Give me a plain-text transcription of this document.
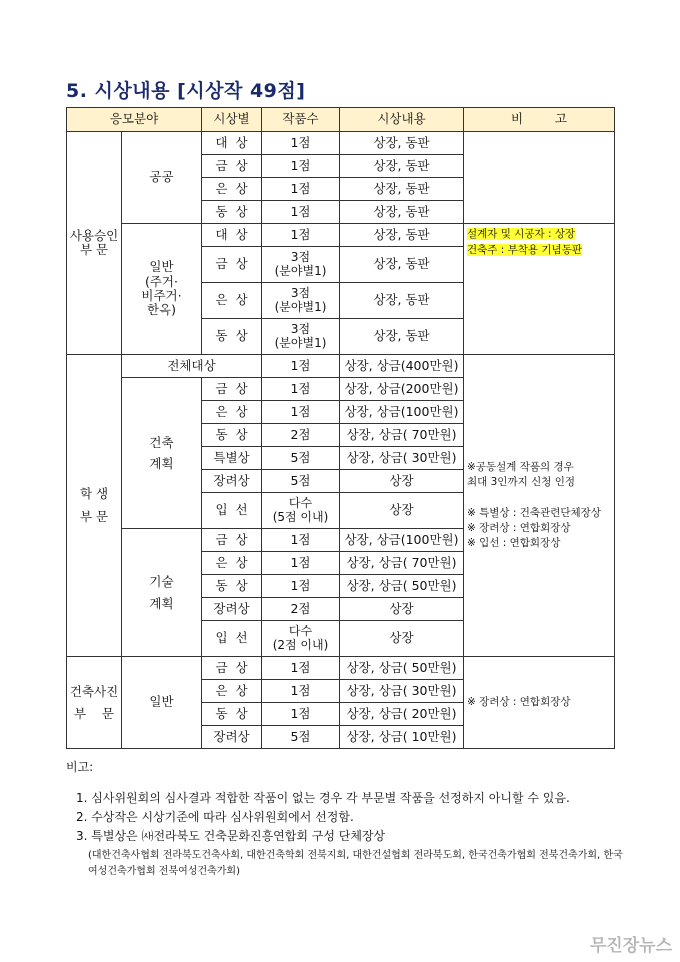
5. 시상내용 [시상작 49점]
응모분야		시상별	작품수	시상내용	비        고
사용승인
부 문	공공	대  상	1점	상장, 동판	
		금  상	1점	상장, 동판	
		은  상	1점	상장, 동판	
		동  상	1점	상장, 동판	
	일반
(주거·
비주거·
한옥)	대  상	1점	상장, 동판	설계자 및 시공자 : 상장
건축주 : 부착용 기념동판
		금  상	3점
(분야별1)	상장, 동판	
		은  상	3점
(분야별1)	상장, 동판	
		동  상	3점
(분야별1)	상장, 동판	
학 생
부 문	전체대상		1점	상장, 상금(400만원)	※공동설계 작품의 경우
최대 3인까지 신청 인정

※ 특별상 : 건축관련단체장상
※ 장려상 : 연합회장상
※ 입선 : 연합회장상
	건축
계획	금  상	1점	상장, 상금(200만원)	
		은  상	1점	상장, 상금(100만원)	
		동  상	2점	상장, 상금( 70만원)	
		특별상	5점	상장, 상금( 30만원)	
		장려상	5점	상장	
		입  선	다수
(5점 이내)	상장	
	기술
계획	금  상	1점	상장, 상금(100만원)	
		은  상	1점	상장, 상금( 70만원)	
		동  상	1점	상장, 상금( 50만원)	
		장려상	2점	상장	
		입  선	다수
(2점 이내)	상장	
건축사진
부    문	일반	금  상	1점	상장, 상금( 50만원)	※ 장려상 : 연합회장상
		은  상	1점	상장, 상금( 30만원)	
		동  상	1점	상장, 상금( 20만원)	
		장려상	5점	상장, 상금( 10만원)	
비고:
1. 심사위원회의 심사결과 적합한 작품이 없는 경우 각 부문별 작품을 선정하지 아니할 수 있음.
2. 수상작은 시상기준에 따라 심사위원회에서 선정함.
3. 특별상은 ㈔전라북도 건축문화진흥연합회 구성 단체장상
(대한건축사협회 전라북도건축사회, 대한건축학회 전북지회, 대한건설협회 전라북도회, 한국건축가협회 전북건축가회, 한국여성건축가협회 전북여성건축가회)
무진장뉴스
